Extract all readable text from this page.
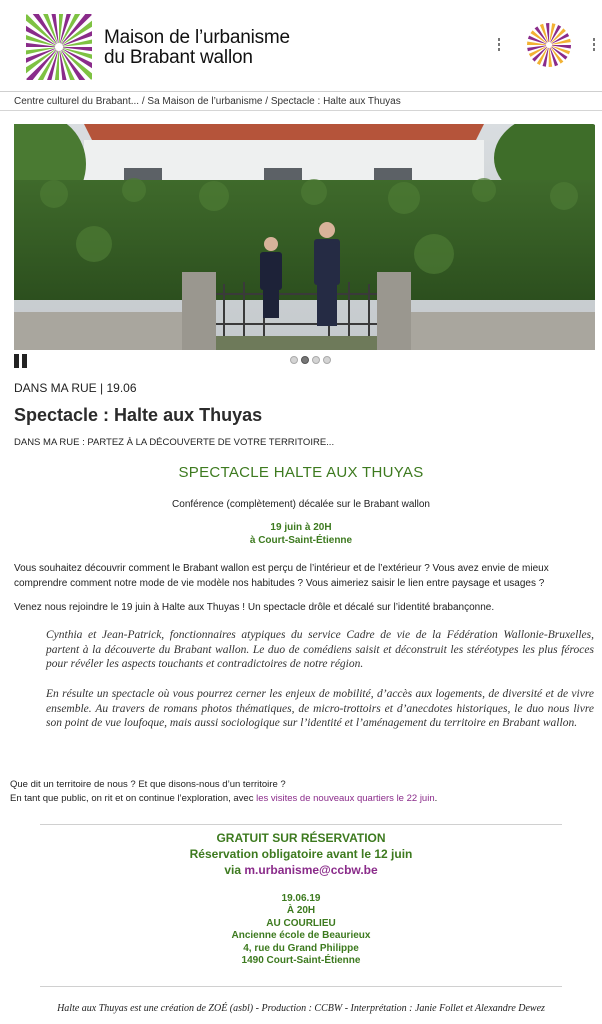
Maison de l’urbanisme
du Brabant wallon
Centre culturel du Brabant... / Sa Maison de l’urbanisme / Spectacle : Halte aux Thuyas
DANS MA RUE | 19.06
Spectacle : Halte aux Thuyas
DANS MA RUE : PARTEZ À LA DÉCOUVERTE DE VOTRE TERRITOIRE...
SPECTACLE HALTE AUX THUYAS
Conférence (complètement) décalée sur le Brabant wallon
19 juin à 20H
à Court-Saint-Étienne

Vous souhaitez découvrir comment le Brabant wallon est perçu de l’intérieur et de l’extérieur ? Vous avez envie de mieux comprendre comment notre mode de vie modèle nos habitudes ? Vous aimeriez saisir le lien entre paysage et usages ?

Venez nous rejoindre le 19 juin à Halte aux Thuyas ! Un spectacle drôle et décalé sur l’identité brabançonne.

Cynthia et Jean-Patrick, fonctionnaires atypiques du service Cadre de vie de la Fédération Wallonie-Bruxelles, partent à la découverte du Brabant wallon. Le duo de comédiens saisit et déconstruit les stéréotypes les plus féroces pour révéler les aspects touchants et contradictoires de notre région.

En résulte un spectacle où vous pourrez cerner les enjeux de mobilité, d’accès aux logements, de diversité et de vivre ensemble. Au travers de romans photos thématiques, de micro-trottoirs et d’anecdotes historiques, le duo nous livre son point de vue loufoque, mais aussi sociologique sur l’identité et l’aménagement du territoire en Brabant wallon.

Que dit un territoire de nous ? Et que disons-nous d’un territoire ?
En tant que public, on rit et on continue l’exploration, avec les visites de nouveaux quartiers le 22 juin.
GRATUIT SUR RÉSERVATION
Réservation obligatoire avant le 12 juin
via m.urbanisme@ccbw.be
19.06.19
À 20H
AU COURLIEU
Ancienne école de Beaurieux
4, rue du Grand Philippe
1490 Court-Saint-Étienne
Halte aux Thuyas est une création de ZOÉ (asbl) - Production : CCBW - Interprétation : Janie Follet et Alexandre Dewez
